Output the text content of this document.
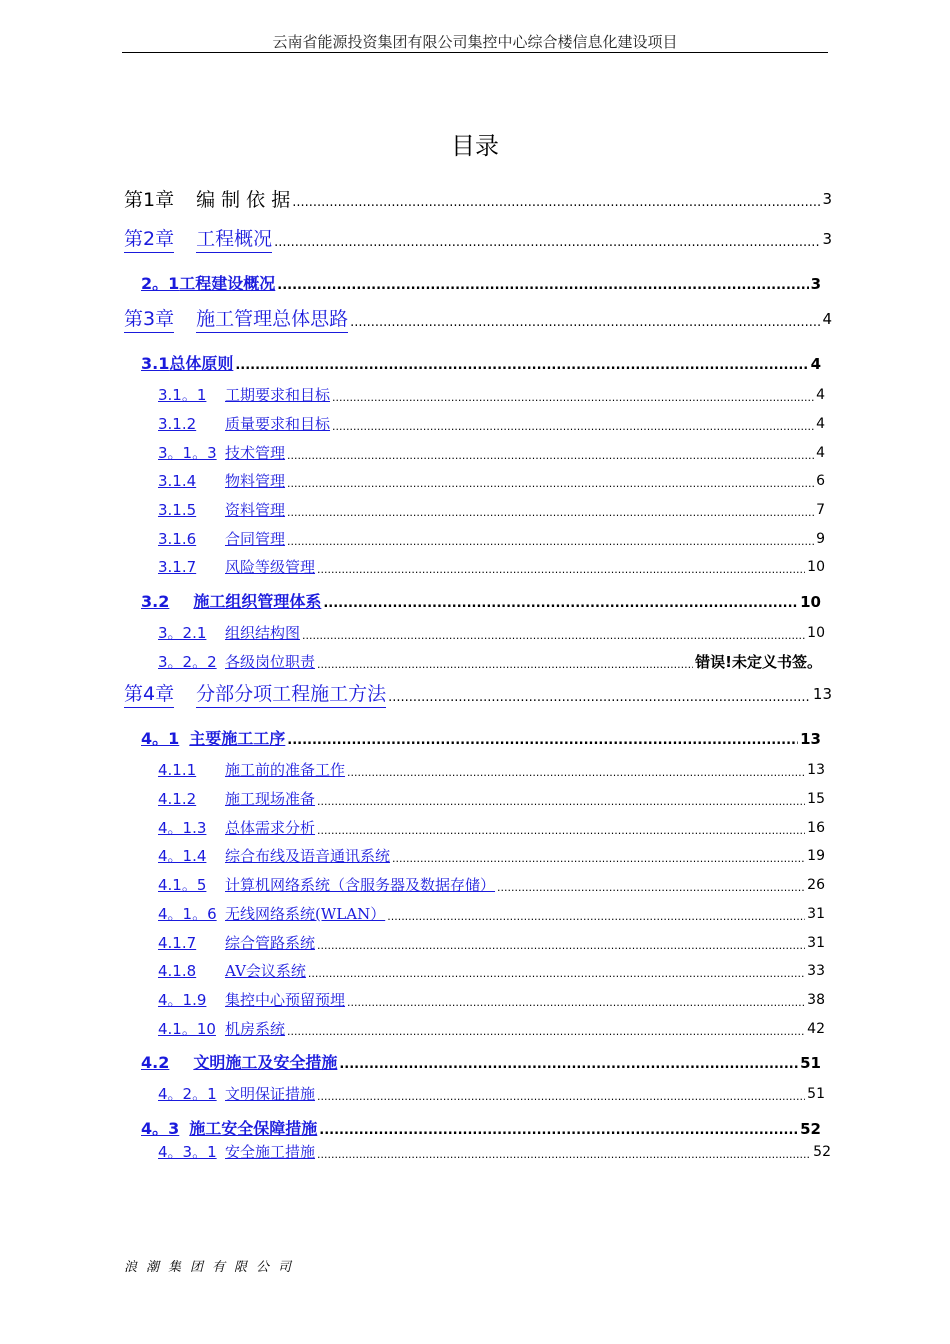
云南省能源投资集团有限公司集控中心综合楼信息化建设项目
目录
第1章 编 制 依 据 .....	3
第2章 工程概况 .....	3
2。1 工程建设概况 .....	3
第3章 施工管理总体思路 .....	4
3.1 总体原则 .....	4
3.1。1	工期要求和目标 .....	4
3.1.2	质量要求和目标 .....	4
3。1。3 技术管理 .....	4
3.1.4	物料管理 .....	6
3.1.5	资料管理 .....	7
3.1.6	合同管理 .....	9
3.1.7	风险等级管理 .....	10
3.2 施工组织管理体系 .....	10
3。2.1	组织结构图 .....	10
3。2。2 各级岗位职责 .....	错误!未定义书签。
第4章 分部分项工程施工方法 .....	13
4。1 主要施工工序 .....	13
4.1.1	施工前的准备工作 .....	13
4.1.2	施工现场准备 .....	15
4。1.3	总体需求分析 .....	16
4。1.4	综合布线及语音通讯系统 .....	19
4.1。5	计算机网络系统（含服务器及数据存储） .....	26
4。1。6 无线网络系统(WLAN） .....	31
4.1.7	综合管路系统 .....	31
4.1.8	AV会议系统 .....	33
4。1.9	集控中心预留预埋 .....	38
4.1。10 机房系统 .....	42
4.2 文明施工及安全措施 .....	51
4。2。1 文明保证措施 .....	51
4。3 施工安全保障措施 .....	52
4。3。1 安全施工措施 .....	52
浪潮集团有限公司
